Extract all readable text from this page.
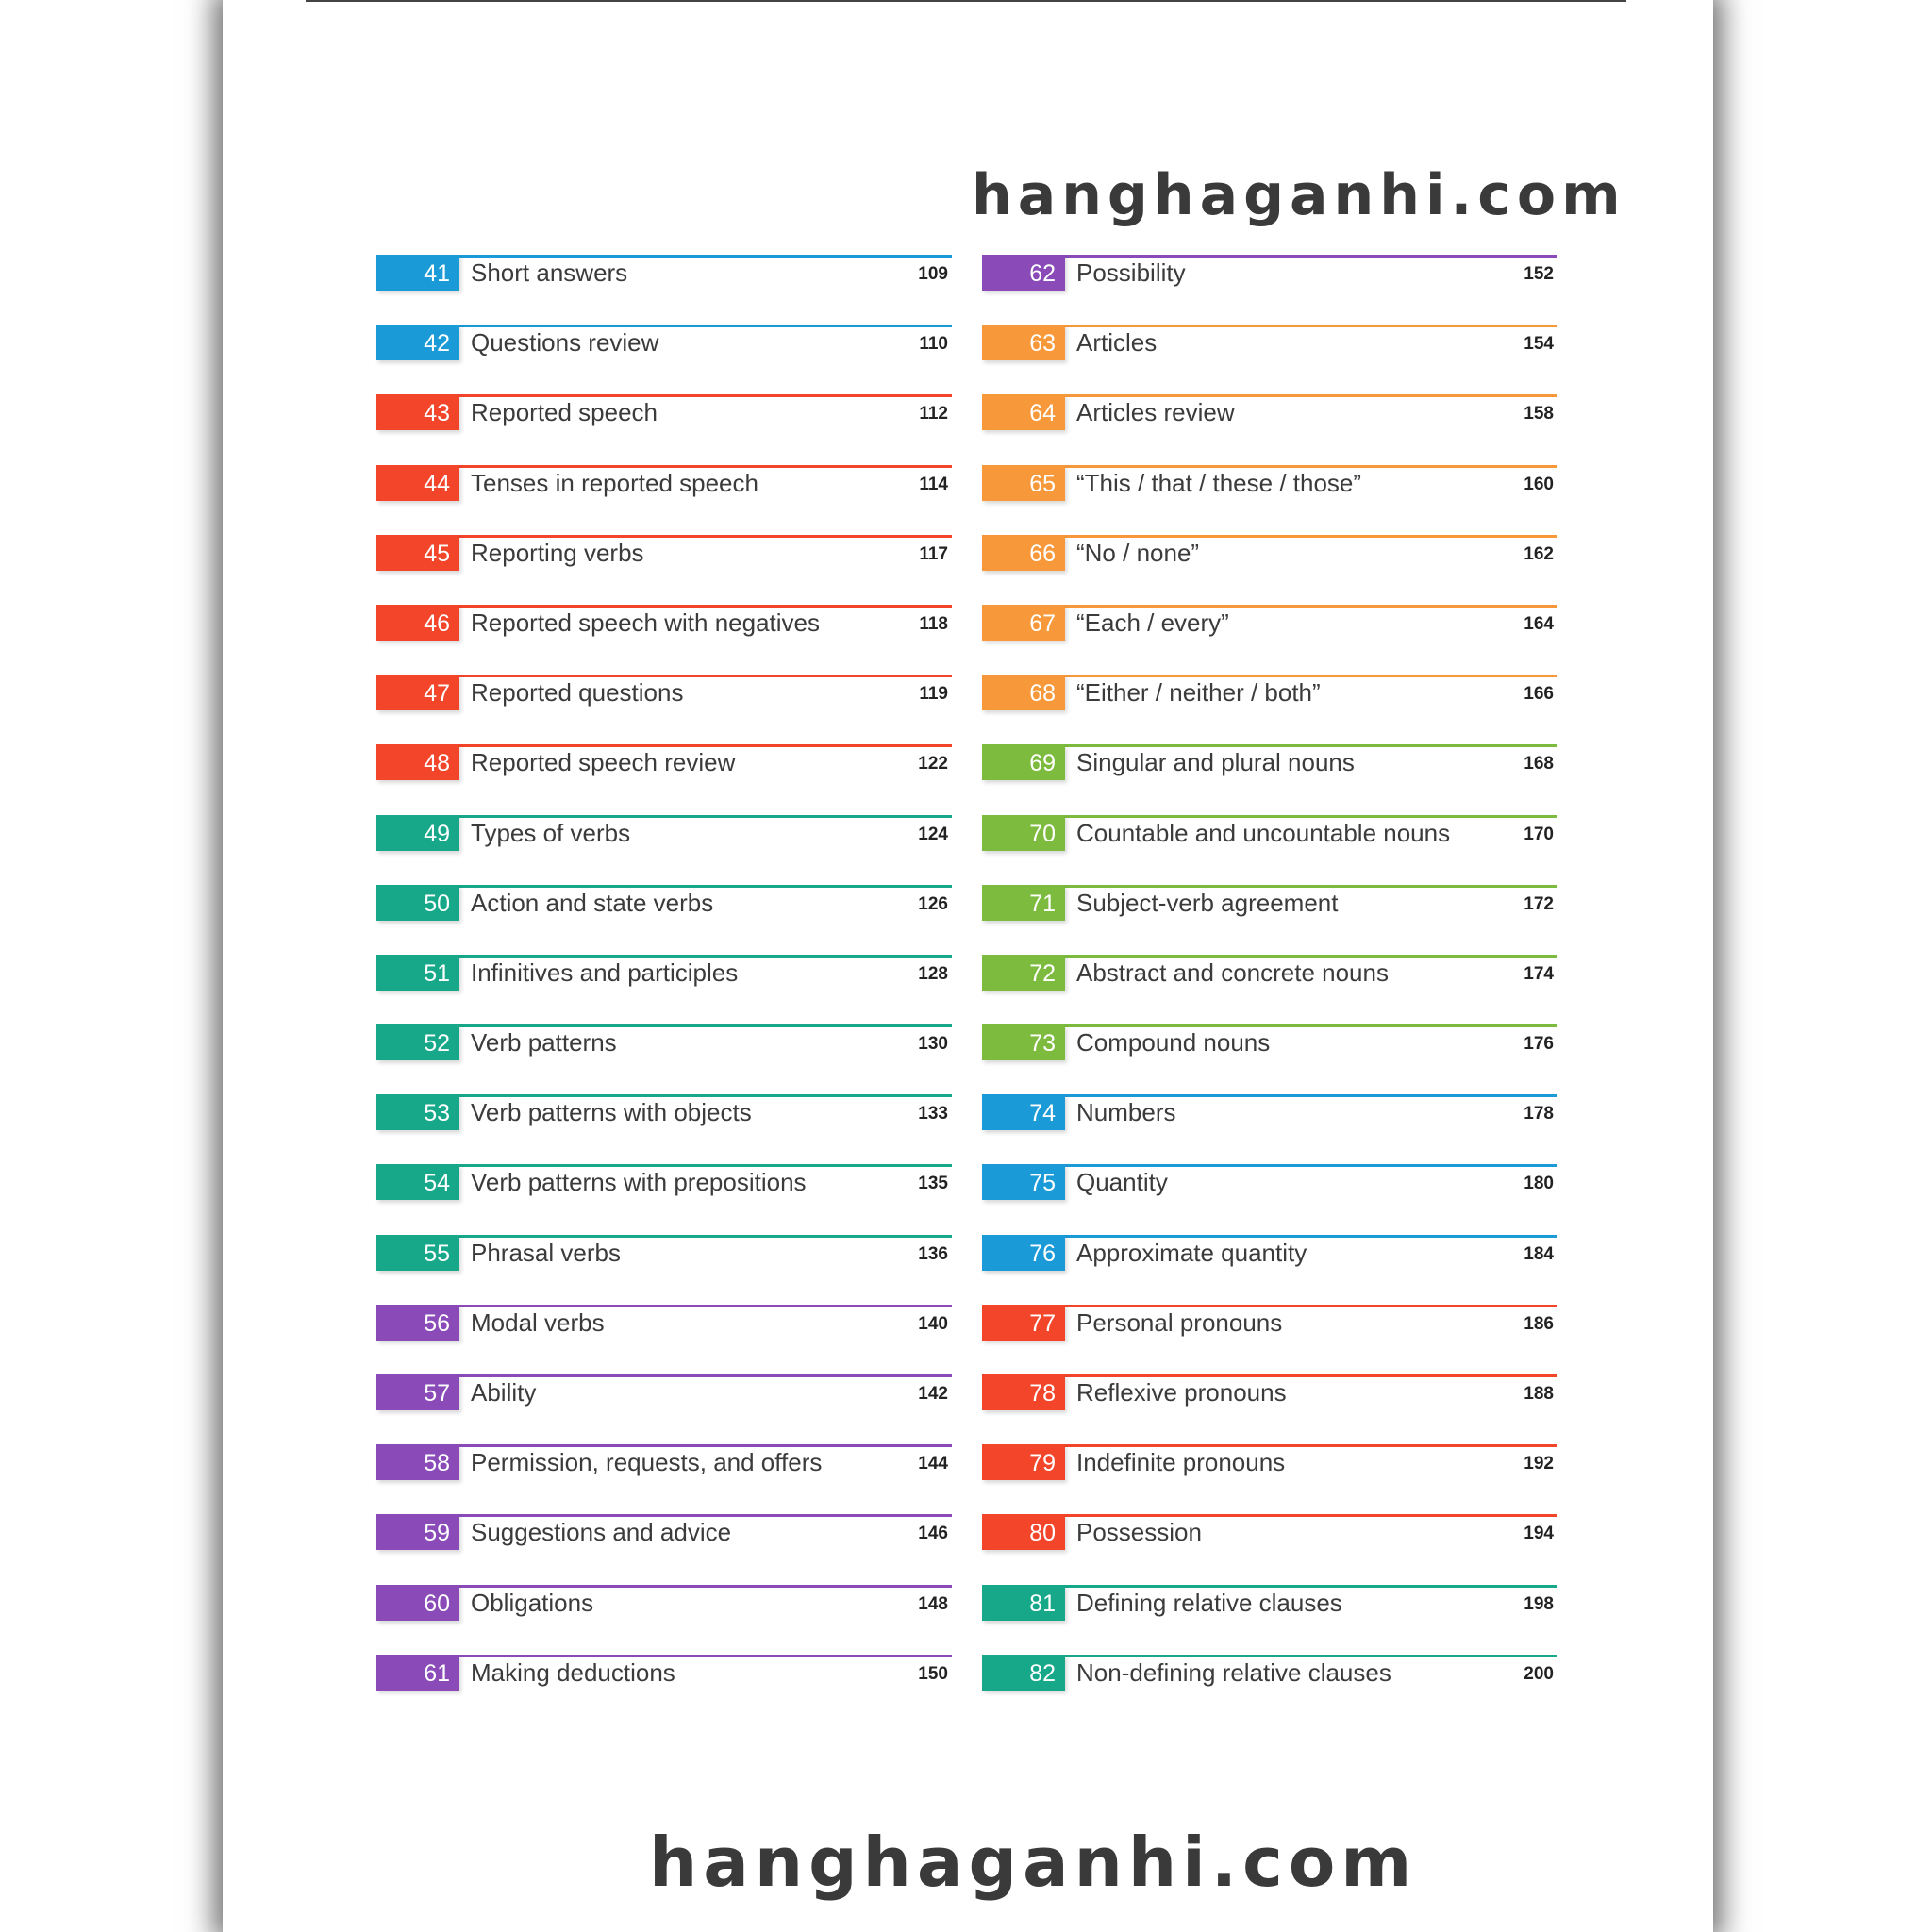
hanghaganhi.com
41 Short answers	109
42 Questions review	110
43 Reported speech	112
44 Tenses in reported speech	114
45 Reporting verbs	117
46 Reported speech with negatives	118
47 Reported questions	119
48 Reported speech review	122
49 Types of verbs	124
50 Action and state verbs	126
51 Infinitives and participles	128
52 Verb patterns	130
53 Verb patterns with objects	133
54 Verb patterns with prepositions	135
55 Phrasal verbs	136
56 Modal verbs	140
57 Ability	142
58 Permission, requests, and offers	144
59 Suggestions and advice	146
60 Obligations	148
61 Making deductions	150
62 Possibility	152
63 Articles	154
64 Articles review	158
65 “This / that / these / those”	160
66 “No / none”	162
67 “Each / every”	164
68 “Either / neither / both”	166
69 Singular and plural nouns	168
70 Countable and uncountable nouns	170
71 Subject-verb agreement	172
72 Abstract and concrete nouns	174
73 Compound nouns	176
74 Numbers	178
75 Quantity	180
76 Approximate quantity	184
77 Personal pronouns	186
78 Reflexive pronouns	188
79 Indefinite pronouns	192
80 Possession	194
81 Defining relative clauses	198
82 Non-defining relative clauses	200
hanghaganhi.com
